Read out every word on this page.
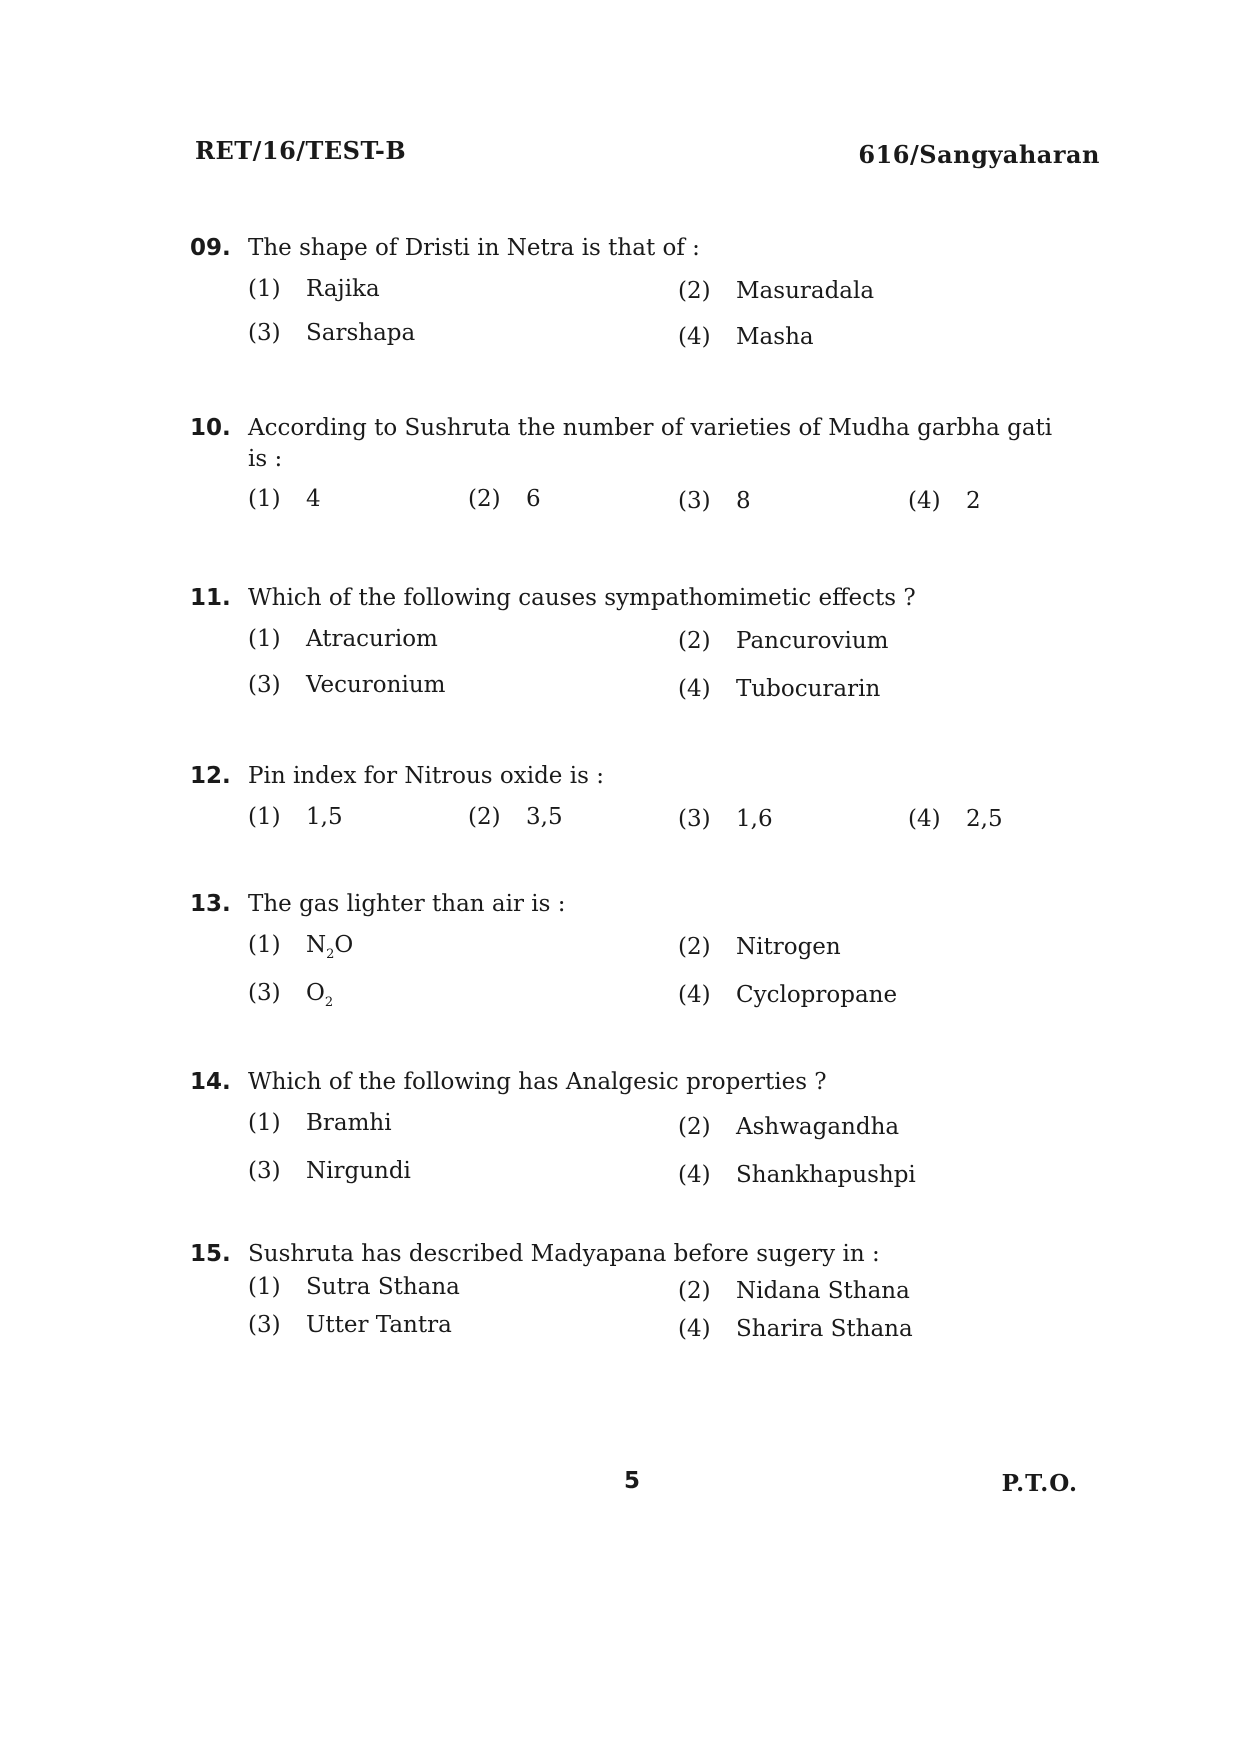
RET/16/TEST-B	616/Sangyaharan
09. The shape of Dristi in Netra is that of :
(1) Rajika	(2) Masuradala
(3) Sarshapa	(4) Masha
10. According to Sushruta the number of varieties of Mudha garbha gati
is :
(1) 4	(2) 6	(3) 8	(4) 2
11. Which of the following causes sympathomimetic effects ?
(1) Atracuriom	(2) Pancurovium
(3) Vecuronium	(4) Tubocurarin
12. Pin index for Nitrous oxide is :
(1) 1,5	(2) 3,5	(3) 1,6	(4) 2,5
13. The gas lighter than air is :
(1) $N_2O$	(2) Nitrogen
(3) $O_2$	(4) Cyclopropane
14. Which of the following has Analgesic properties ?
(1) Bramhi	(2) Ashwagandha
(3) Nirgundi	(4) Shankhapushpi
15. Sushruta has described Madyapana before sugery in :
(1) Sutra Sthana	(2) Nidana Sthana
(3) Utter Tantra	(4) Sharira Sthana
5	P.T.O.
